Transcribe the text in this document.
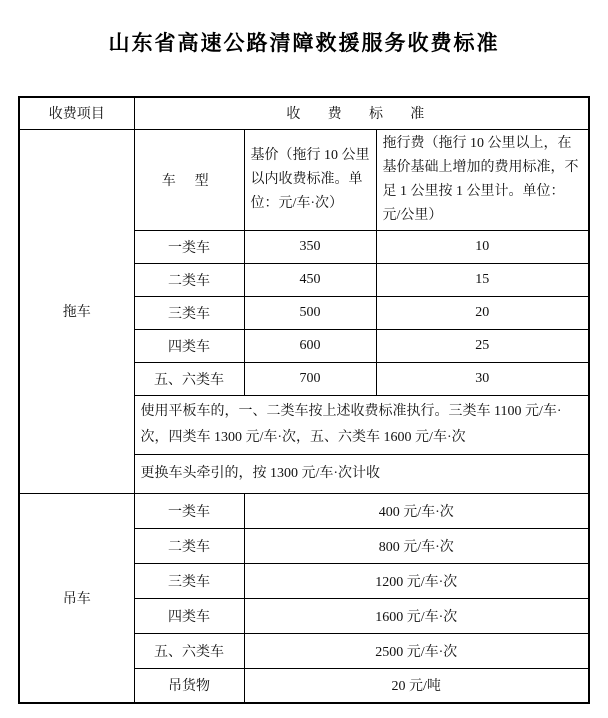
山东省高速公路清障救援服务收费标准
收费项目	收 费 标 准		
拖车	车 型	基价（拖行 10 公里以内收费标准。单位：元/车·次）	拖行费（拖行 10 公里以上，在基价基础上增加的费用标准，不足 1 公里按 1 公里计。单位：元/公里）
	一类车	350	10
	二类车	450	15
	三类车	500	20
	四类车	600	25
	五、六类车	700	30
	使用平板车的，一、二类车按上述收费标准执行。三类车 1100 元/车·次，四类车 1300 元/车·次，五、六类车 1600 元/车·次		
	更换车头牵引的，按 1300 元/车·次计收		
吊车	一类车	400 元/车·次	
	二类车	800 元/车·次	
	三类车	1200 元/车·次	
	四类车	1600 元/车·次	
	五、六类车	2500 元/车·次	
	吊货物	20 元/吨	
